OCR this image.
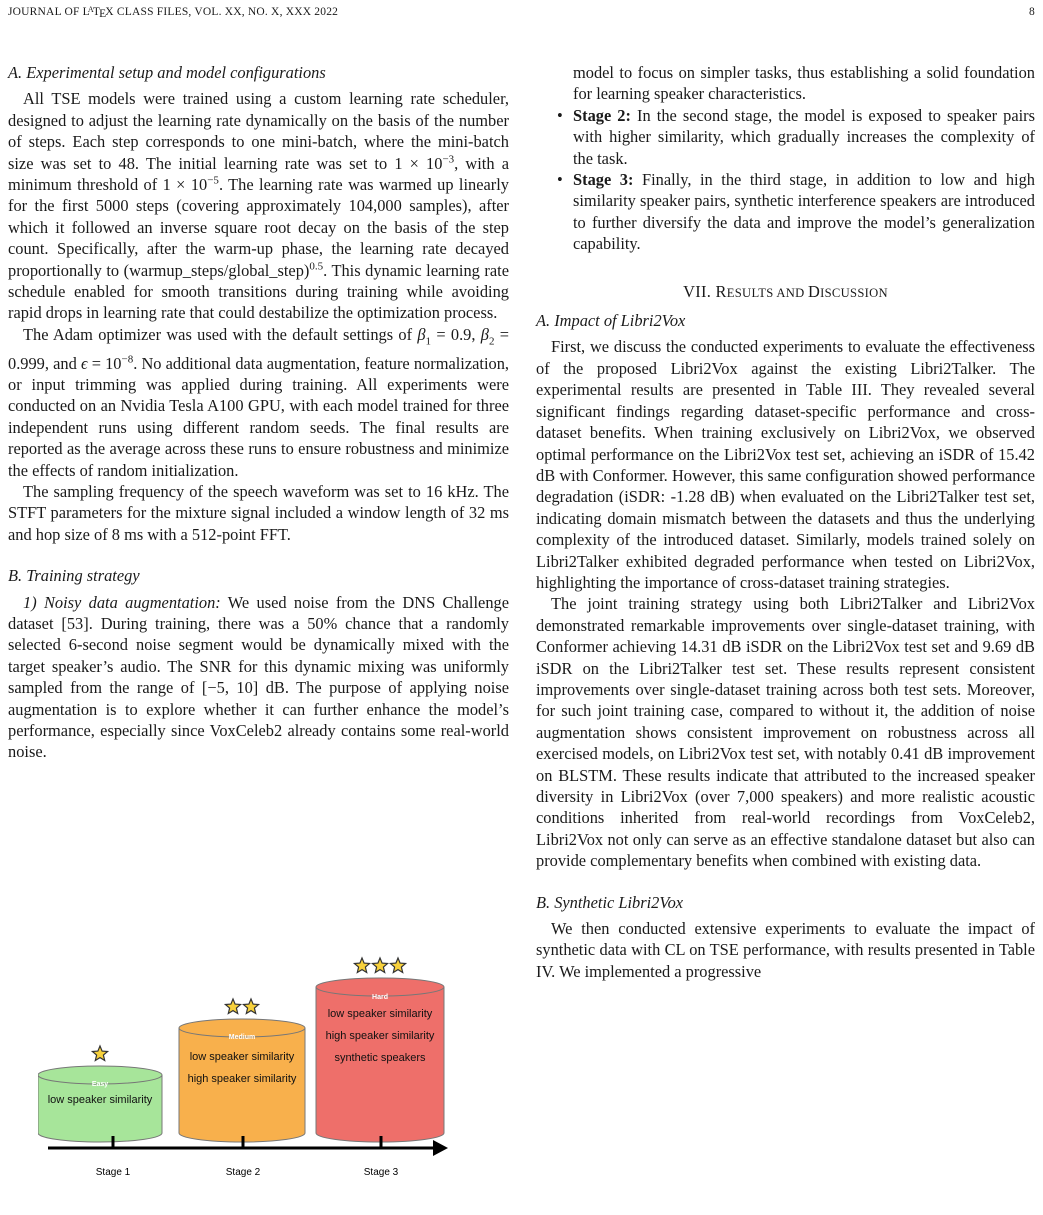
JOURNAL OF $L^ATEX$ CLASS FILES, VOL. XX, NO. X, XXX 2022	8
A. Experimental setup and model configurations

All TSE models were trained using a custom learning rate scheduler, designed to adjust the learning rate dynamically on the basis of the number of steps. Each step corresponds to one mini-batch, where the mini-batch size was set to 48. The initial learning rate was set to $1 \times 10^{-3}$, with a minimum threshold of $1 \times 10^{-5}$. The learning rate was warmed up linearly for the first 5000 steps (covering approximately 104,000 samples), after which it followed an inverse square root decay on the basis of the step count. Specifically, after the warm-up phase, the learning rate decayed proportionally to (warmup_steps/global_step)$^{0.5}$. This dynamic learning rate schedule enabled for smooth transitions during training while avoiding rapid drops in learning rate that could destabilize the optimization process.

The Adam optimizer was used with the default settings of $\beta_1 = 0.9$, $\beta_2 = 0.999$, and $\epsilon = 10^{-8}$. No additional data augmentation, feature normalization, or input trimming was applied during training. All experiments were conducted on an Nvidia Tesla A100 GPU, with each model trained for three independent runs using different random seeds. The final results are reported as the average across these runs to ensure robustness and minimize the effects of random initialization.

The sampling frequency of the speech waveform was set to 16 kHz. The STFT parameters for the mixture signal included a window length of 32 ms and hop size of 8 ms with a 512-point FFT.

B. Training strategy

1) Noisy data augmentation: We used noise from the DNS Challenge dataset [53]. During training, there was a 50% chance that a randomly selected 6-second noise segment would be dynamically mixed with the target speaker’s audio. The SNR for this dynamic mixing was uniformly sampled from the range of [−5, 10] dB. The purpose of applying noise augmentation is to explore whether it can further enhance the model’s performance, especially since VoxCeleb2 already contains some real-world noise.

Easy
low speaker similarity
Medium
low speaker similarity
high speaker similarity
Hard
low speaker similarity
high speaker similarity
synthetic speakers
Stage 1	Stage 2	Stage 3
model to focus on simpler tasks, thus establishing a solid foundation for learning speaker characteristics.
• Stage 2: In the second stage, the model is exposed to speaker pairs with higher similarity, which gradually increases the complexity of the task.
• Stage 3: Finally, in the third stage, in addition to low and high similarity speaker pairs, synthetic interference speakers are introduced to further diversify the data and improve the model’s generalization capability.
VII. RESULTS AND DISCUSSION
A. Impact of Libri2Vox

First, we discuss the conducted experiments to evaluate the effectiveness of the proposed Libri2Vox against the existing Libri2Talker. The experimental results are presented in Table III. They revealed several significant findings regarding dataset-specific performance and cross-dataset benefits. When training exclusively on Libri2Vox, we observed optimal performance on the Libri2Vox test set, achieving an iSDR of 15.42 dB with Conformer. However, this same configuration showed performance degradation (iSDR: -1.28 dB) when evaluated on the Libri2Talker test set, indicating domain mismatch between the datasets and thus the underlying complexity of the introduced dataset. Similarly, models trained solely on Libri2Talker exhibited degraded performance when tested on Libri2Vox, highlighting the importance of cross-dataset training strategies.

The joint training strategy using both Libri2Talker and Libri2Vox demonstrated remarkable improvements over single-dataset training, with Conformer achieving 14.31 dB iSDR on the Libri2Vox test set and 9.69 dB iSDR on the Libri2Talker test set. These results represent consistent improvements over single-dataset training across both test sets. Moreover, for such joint training case, compared to without it, the addition of noise augmentation shows consistent improvement on robustness across all exercised models, on Libri2Vox test set, with notably 0.41 dB improvement on BLSTM. These results indicate that attributed to the increased speaker diversity in Libri2Vox (over 7,000 speakers) and more realistic acoustic conditions inherited from real-world recordings from VoxCeleb2, Libri2Vox not only can serve as an effective standalone dataset but also can provide complementary benefits when combined with existing data.

B. Synthetic Libri2Vox

We then conducted extensive experiments to evaluate the impact of synthetic data with CL on TSE performance, with results presented in Table IV. We implemented a progressive
